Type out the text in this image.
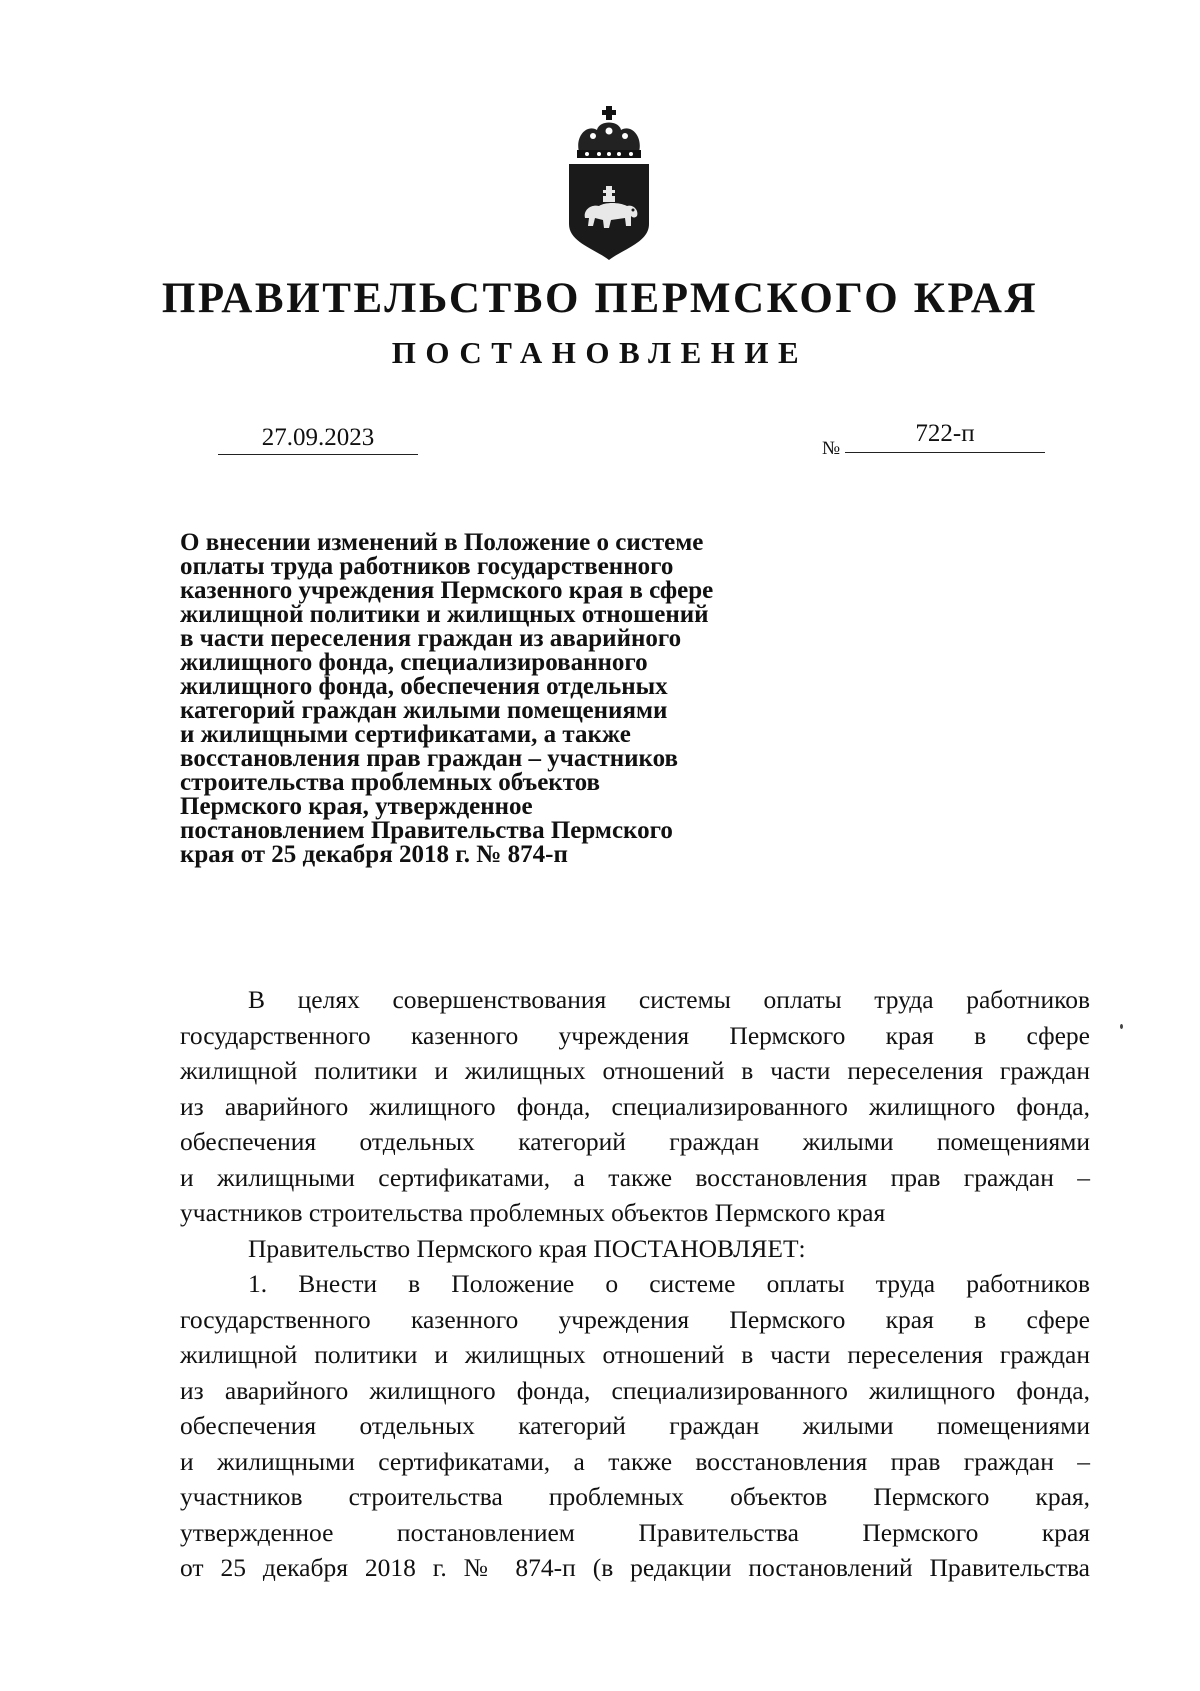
ПРАВИТЕЛЬСТВО ПЕРМСКОГО КРАЯ
ПОСТАНОВЛЕНИЕ
27.09.2023	№
722-п
О внесении изменений в Положение о системе
оплаты труда работников государственного
казенного учреждения Пермского края в сфере
жилищной политики и жилищных отношений
в части переселения граждан из аварийного
жилищного фонда, специализированного
жилищного фонда, обеспечения отдельных
категорий граждан жилыми помещениями
и жилищными сертификатами, а также
восстановления прав граждан – участников
строительства проблемных объектов
Пермского края, утвержденное
постановлением Правительства Пермского
края от 25 декабря 2018 г. № 874-п
В целях совершенствования системы оплаты труда работников
государственного казенного учреждения Пермского края в сфере
жилищной политики и жилищных отношений в части переселения граждан
из аварийного жилищного фонда, специализированного жилищного фонда,
обеспечения отдельных категорий граждан жилыми помещениями
и жилищными сертификатами, а также восстановления прав граждан –
участников строительства проблемных объектов Пермского края
Правительство Пермского края ПОСТАНОВЛЯЕТ:
1. Внести в Положение о системе оплаты труда работников
государственного казенного учреждения Пермского края в сфере
жилищной политики и жилищных отношений в части переселения граждан
из аварийного жилищного фонда, специализированного жилищного фонда,
обеспечения отдельных категорий граждан жилыми помещениями
и жилищными сертификатами, а также восстановления прав граждан –
участников строительства проблемных объектов Пермского края,
утвержденное постановлением Правительства Пермского края
от 25 декабря 2018 г. № 874-п (в редакции постановлений Правительства
